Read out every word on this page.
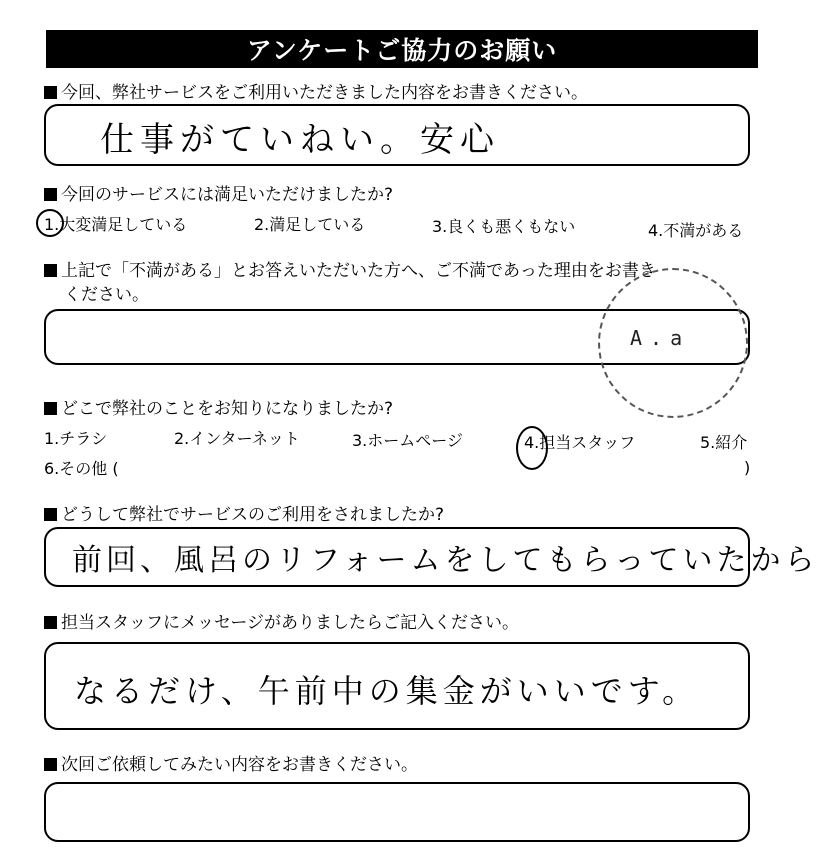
アンケートご協力のお願い
今回、弊社サービスをご利用いただきました内容をお書きください。
仕事がていねい。安心
今回のサービスには満足いただけましたか?
1.大変満足している	2.満足している	3.良くも悪くもない	4.不満がある
上記で「不満がある」とお答えいただいた方へ、ご不満であった理由をお書き
ください。
A.a
どこで弊社のことをお知りになりましたか?
1.チラシ	2.インターネット	3.ホームページ	4.担当スタッフ	5.紹介
6.その他 (	)
どうして弊社でサービスのご利用をされましたか?
前回、風呂のリフォームをしてもらっていたから
担当スタッフにメッセージがありましたらご記入ください。
なるだけ、午前中の集金がいいです。
次回ご依頼してみたい内容をお書きください。
